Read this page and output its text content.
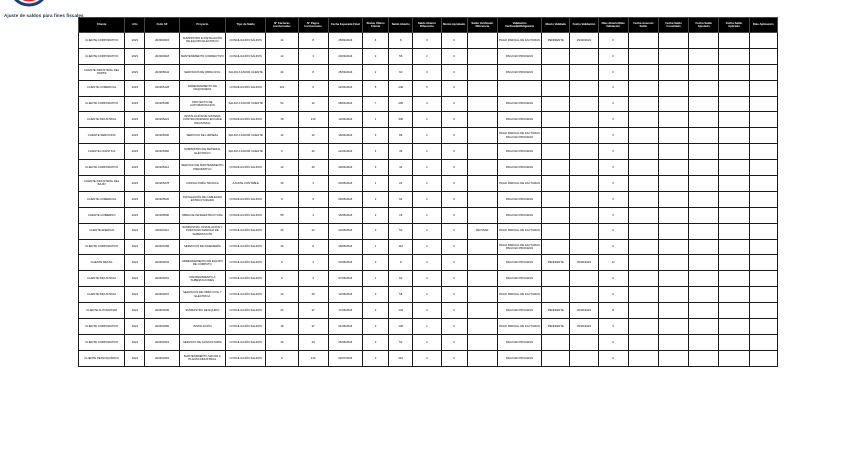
Ajuste de saldos para fines fiscales
Cliente	Año	Folio SF	Proyecto	Tipo de Saldo	N° Facturas Involucradas	N° Pagos Involucrados	Fecha Esperada Final	Status Último Cliente	Saldo Abierto	Saldo Abierto Diferencia	Monto Aprobado	Saldo Verificado Diferencia	Validación Verificada/Obligatoria	Monto Validado	Fecha Validación	Días Abierto/Días Validación	Fecha Acuerdo Saldo	Fecha Saldo Conciliado	Fecha Saldo Ajustado	Fecha Saldo Aplicado	Días Aplicación
CLIENTE CORPORATIVO	2023	202304915	SUMINISTRO E INSTALACIÓN DE EQUIPO ELÉCTRICO	CONCILIACIÓN SALDOS	14	8	28/02/2024	4	8	3	0		PAGO PARCIAL DE FACTURAS	PENDIENTE	29/02/2024	0					
CLIENTE CORPORATIVO	2023	202304918	MANTENIMIENTO CORRECTIVO	CONCILIACIÓN SALDOS	12	3	20/03/2024	3	56	2	0		PAGO EN PROCESO			0					
CLIENTE INDUSTRIAL DEL NORTE	2023	202305044	SERVICIOS DE OBRA CIVIL	SALDO A FAVOR CLIENTE	44	8	25/03/2024	2	60	3	0		PAGO EN PROCESO			0					
CLIENTE COMERCIAL	2023	202305128	ARRENDAMIENTO DE MAQUINARIA	CONCILIACIÓN SALDOS	122	6	02/04/2024	5	246	5	0					0					
CLIENTE CORPORATIVO	2023	202305180	PROYECTO DE AUTOMATIZACIÓN	SALDO A FAVOR CLIENTE	54	12	08/04/2024	7	205	3	0		PAGO EN PROCESO			0					
CLIENTE INDUSTRIAL	2023	202305221	INSTALACIÓN DE SISTEMA CONTRA INCENDIO EN NAVE INDUSTRIAL	CONCILIACIÓN SALDOS	18	210	12/04/2024	1	330	1	0		PAGO EN PROCESO			0					
CLIENTE SERVICIOS	2023	202305306	SERVICIO DE LIMPIEZA	SALDO A FAVOR CLIENTE	14	12	16/04/2024	3	86	2	0		PAGO PARCIAL DE FACTURAS PAGO EN PROCESO			0					
CLIENTE LOGÍSTICA	2023	202305360	SUMINISTRO DE MATERIAL ELÉCTRICO	SALDO A FAVOR CLIENTE	6	42	22/04/2024	4	36	1	0		PAGO EN PROCESO			0					
CLIENTE CORPORATIVO	2023	202305412	SERVICIO DE MANTENIMIENTO PREVENTIVO	CONCILIACIÓN SALDOS	12	40	29/04/2024	3	42	1	0		PAGO EN PROCESO			0					
CLIENTE INDUSTRIAL DEL BAJÍO	2023	202305478	CONSULTORÍA TÉCNICA	AJUSTE CONTABLE	16	3	03/05/2024	1	24	2	0		PAGO PARCIAL DE FACTURAS			0					
CLIENTE COMERCIAL	2023	202305520	INSTALACIÓN DE CABLEADO ESTRUCTURADO	CONCILIACIÓN SALDOS	8	9	09/05/2024	2	64	2	0		PAGO EN PROCESO			0					
CLIENTE GOBIERNO	2023	202305590	OBRA DE INFRAESTRUCTURA	CONCILIACIÓN SALDOS	58	4	15/05/2024	2	18	1	0		PAGO EN PROCESO			0					
CLIENTE ENERGÍA	2024	202400112	SUMINISTRO, INSTALACIÓN Y PUESTA EN MARCHA DE SUBESTACIÓN	CONCILIACIÓN SALDOS	26	22	22/05/2024	3	50	2	0	REVISAR	PAGO PARCIAL DE FACTURAS			0					
CLIENTE CORPORATIVO	2024	202400158	SERVICIOS DE INGENIERÍA	CONCILIACIÓN SALDOS	16	8	28/05/2024	1	112	2	0		PAGO PARCIAL DE FACTURAS PAGO EN PROCESO			0					
CLIENTE RETAIL	2024	202400204	ARRENDAMIENTO DE EQUIPO DE CÓMPUTO	CONCILIACIÓN SALDOS	8	4	03/06/2024	3	8	3	0		PAGO EN PROCESO	PENDIENTE	05/06/2024	12					
CLIENTE INDUSTRIAL	2024	202400251	MANTENIMIENTO A SUBESTACIONES	CONCILIACIÓN SALDOS	8	3	07/06/2024	1	62	4	0		PAGO EN PROCESO			0					
CLIENTE INDUSTRIAL	2024	202400297	SERVICIOS DE OBRA CIVIL Y ELÉCTRICA	CONCILIACIÓN SALDOS	12	26	12/06/2024	3	58	2	0		PAGO PARCIAL DE FACTURAS			0					
CLIENTE AUTOMOTRIZ	2024	202400336	SUMINISTRO DE EQUIPO	CONCILIACIÓN SALDOS	20	37	17/06/2024	2	144	3	0		PAGO EN PROCESO	PENDIENTE	20/06/2024	8					
CLIENTE CORPORATIVO	2024	202400382	INSTALACIÓN	CONCILIACIÓN SALDOS	18	37	21/06/2024	3	106	1	0		PAGO PARCIAL DE FACTURAS	PENDIENTE	25/06/2024	5					
CLIENTE CORPORATIVO	2024	202400419	SERVICIO DE CONSULTORÍA	CONCILIACIÓN SALDOS	16	43	26/06/2024	3	52	2	0		PAGO EN PROCESO			0					
CLIENTE PETROQUÍMICO	2024	202400463	MANTENIMIENTO MAYOR A PLANTA INDUSTRIAL	CONCILIACIÓN SALDOS	8	210	02/07/2024	3	210	3	0		PAGO EN PROCESO			0					
